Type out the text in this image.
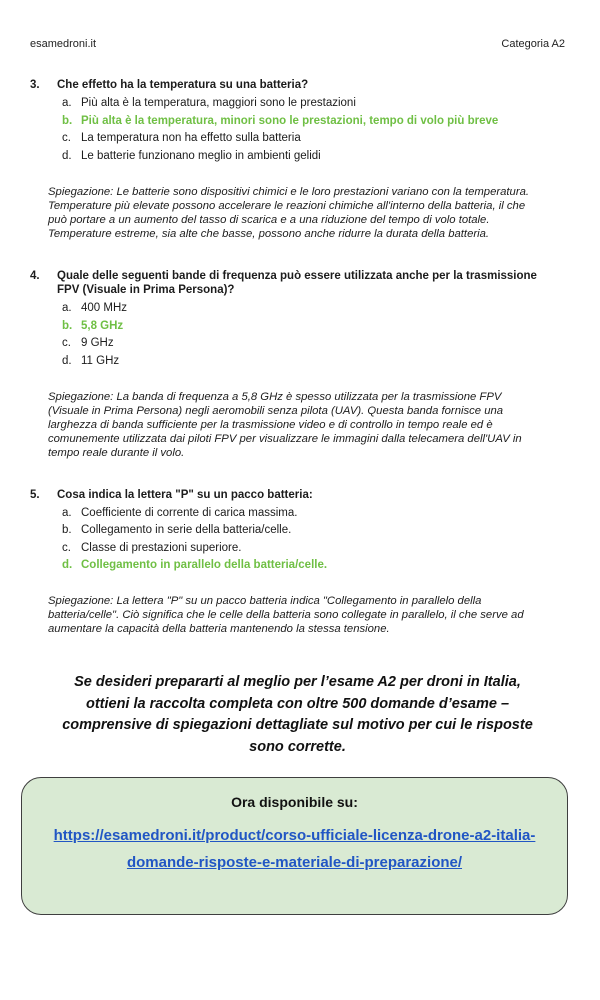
esamedroni.it	Categoria A2
3.	Che effetto ha la temperatura su una batteria?
a. Più alta è la temperatura, maggiori sono le prestazioni
b. Più alta è la temperatura, minori sono le prestazioni, tempo di volo più breve
c. La temperatura non ha effetto sulla batteria
d. Le batterie funzionano meglio in ambienti gelidi

Spiegazione: Le batterie sono dispositivi chimici e le loro prestazioni variano con la temperatura. Temperature più elevate possono accelerare le reazioni chimiche all'interno della batteria, il che può portare a un aumento del tasso di scarica e a una riduzione del tempo di volo totale. Temperature estreme, sia alte che basse, possono anche ridurre la durata della batteria.

4.	Quale delle seguenti bande di frequenza può essere utilizzata anche per la trasmissione FPV (Visuale in Prima Persona)?
a. 400 MHz
b. 5,8 GHz
c. 9 GHz
d. 11 GHz

Spiegazione: La banda di frequenza a 5,8 GHz è spesso utilizzata per la trasmissione FPV (Visuale in Prima Persona) negli aeromobili senza pilota (UAV). Questa banda fornisce una larghezza di banda sufficiente per la trasmissione video e di controllo in tempo reale ed è comunemente utilizzata dai piloti FPV per visualizzare le immagini dalla telecamera dell'UAV in tempo reale durante il volo.

5.	Cosa indica la lettera "P" su un pacco batteria:
a. Coefficiente di corrente di carica massima.
b. Collegamento in serie della batteria/celle.
c. Classe di prestazioni superiore.
d. Collegamento in parallelo della batteria/celle.

Spiegazione: La lettera "P" su un pacco batteria indica "Collegamento in parallelo della batteria/celle". Ciò significa che le celle della batteria sono collegate in parallelo, il che serve ad aumentare la capacità della batteria mantenendo la stessa tensione.

Se desideri prepararti al meglio per l’esame A2 per droni in Italia, ottieni la raccolta completa con oltre 500 domande d’esame – comprensive di spiegazioni dettagliate sul motivo per cui le risposte sono corrette.

Ora disponibile su:
https://esamedroni.it/product/corso-ufficiale-licenza-drone-a2-italia-domande-risposte-e-materiale-di-preparazione/
